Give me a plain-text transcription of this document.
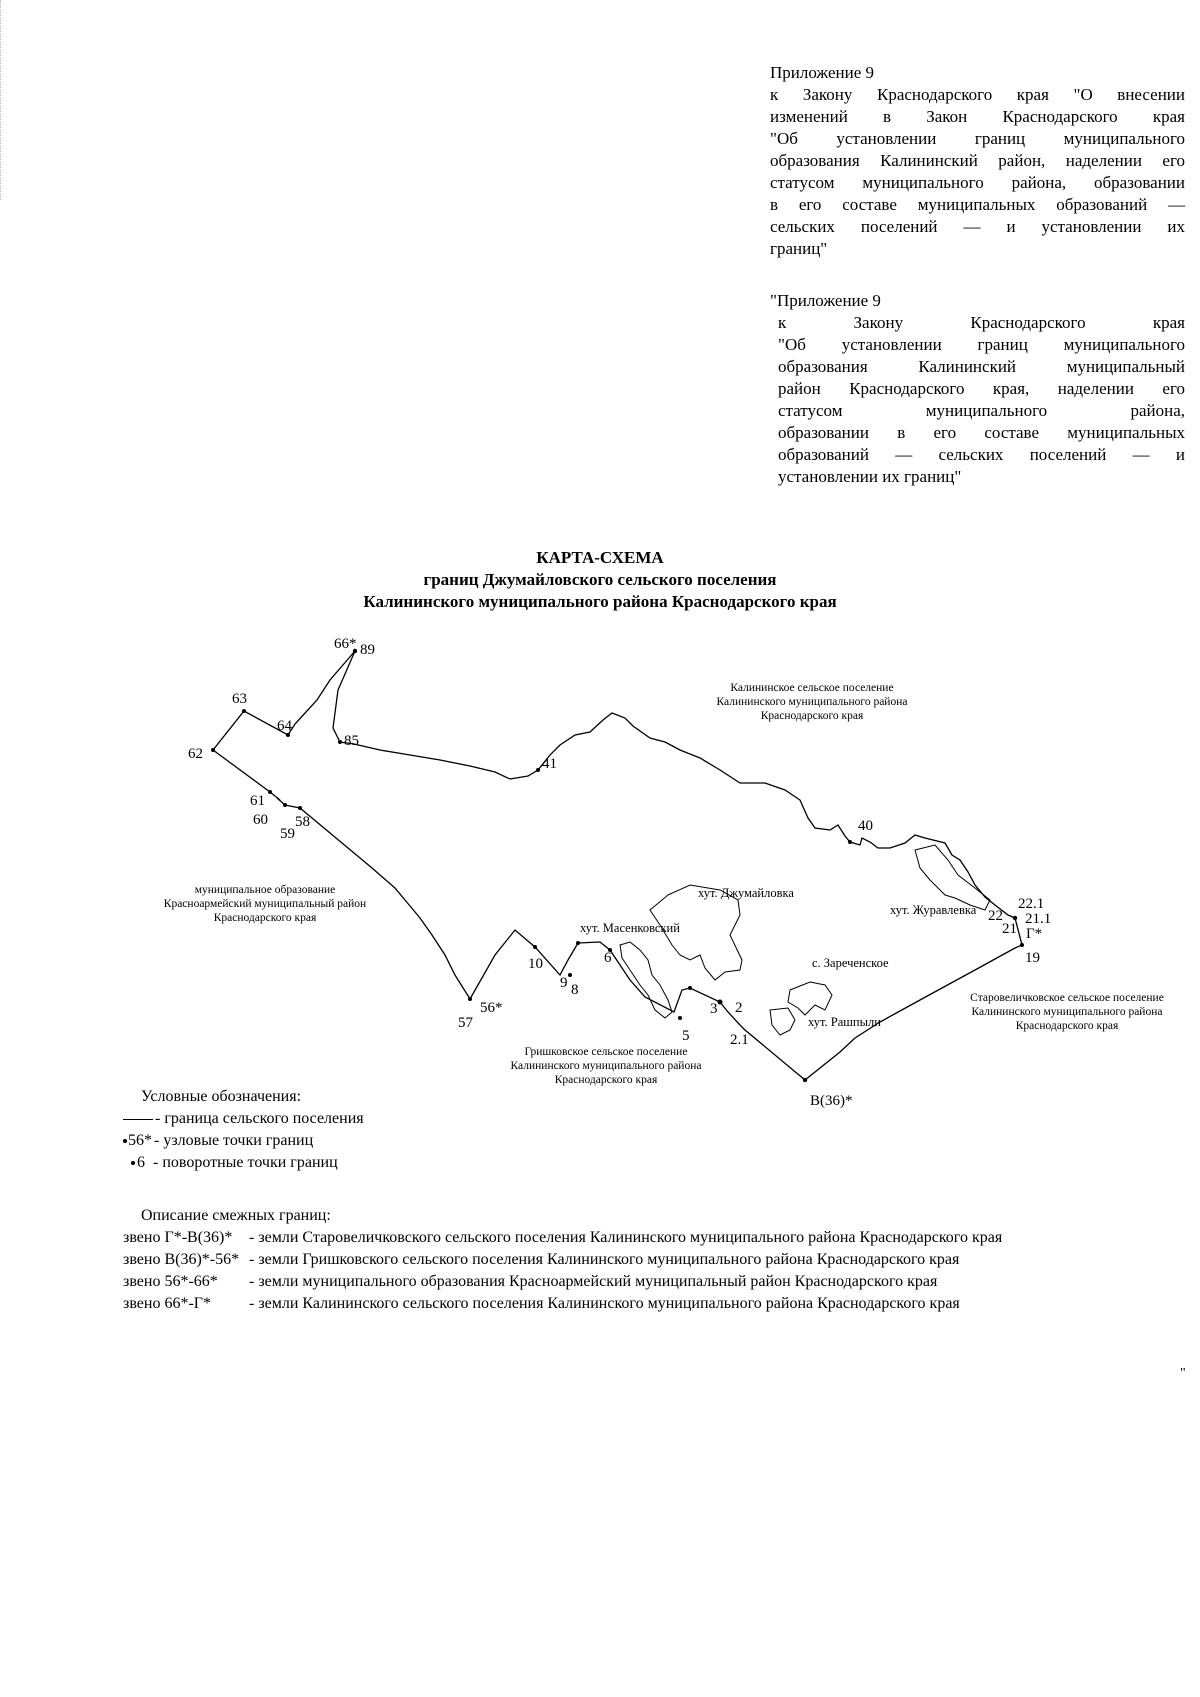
Приложение 9
к Закону Краснодарского края "О внесении
изменений в Закон Краснодарского края
"Об установлении границ муниципального
образования Калининский район, наделении его
статусом муниципального района, образовании
в его составе муниципальных образований —
сельских поселений — и установлении их
границ"
"Приложение 9
к Закону Краснодарского края
"Об установлении границ муниципального
образования Калининский муниципальный
район Краснодарского края, наделении его
статусом муниципального района,
образовании в его составе муниципальных
образований — сельских поселений — и
установлении их границ"
КАРТА-СХЕМА
границ Джумайловского сельского поселения
Калининского муниципального района Краснодарского края
66* 89
63
64
85
62
41
61
60
59
58	40
22.1
22 21.1
21 Г*
19
10	6
9 8
57
56*	3 2
5	2.1
В(36)*
Калининское сельское поселение
Калининского муниципального района
Краснодарского края
муниципальное образование
Красноармейский муниципальный район
Краснодарского края
Гришковское сельское поселение
Калининского муниципального района
Краснодарского края
Старовеличковское сельское поселение
Калининского муниципального района
Краснодарского края
хут. Джумайловка
хут. Масенковский
с. Зареченское
хут. Рашпыли
хут. Журавлевка
Условные обозначения:
- граница сельского поселения
56* - узловые точки границ
6 - поворотные точки границ
Описание смежных границ:
звено Г*-В(36)* - земли Старовеличковского сельского поселения Калининского муниципального района Краснодарского края
звено В(36)*-56* - земли Гришковского сельского поселения Калининского муниципального района Краснодарского края
звено 56*-66* - земли муниципального образования Красноармейский муниципальный район Краснодарского края
звено 66*-Г* - земли Калининского сельского поселения Калининского муниципального района Краснодарского края
"
